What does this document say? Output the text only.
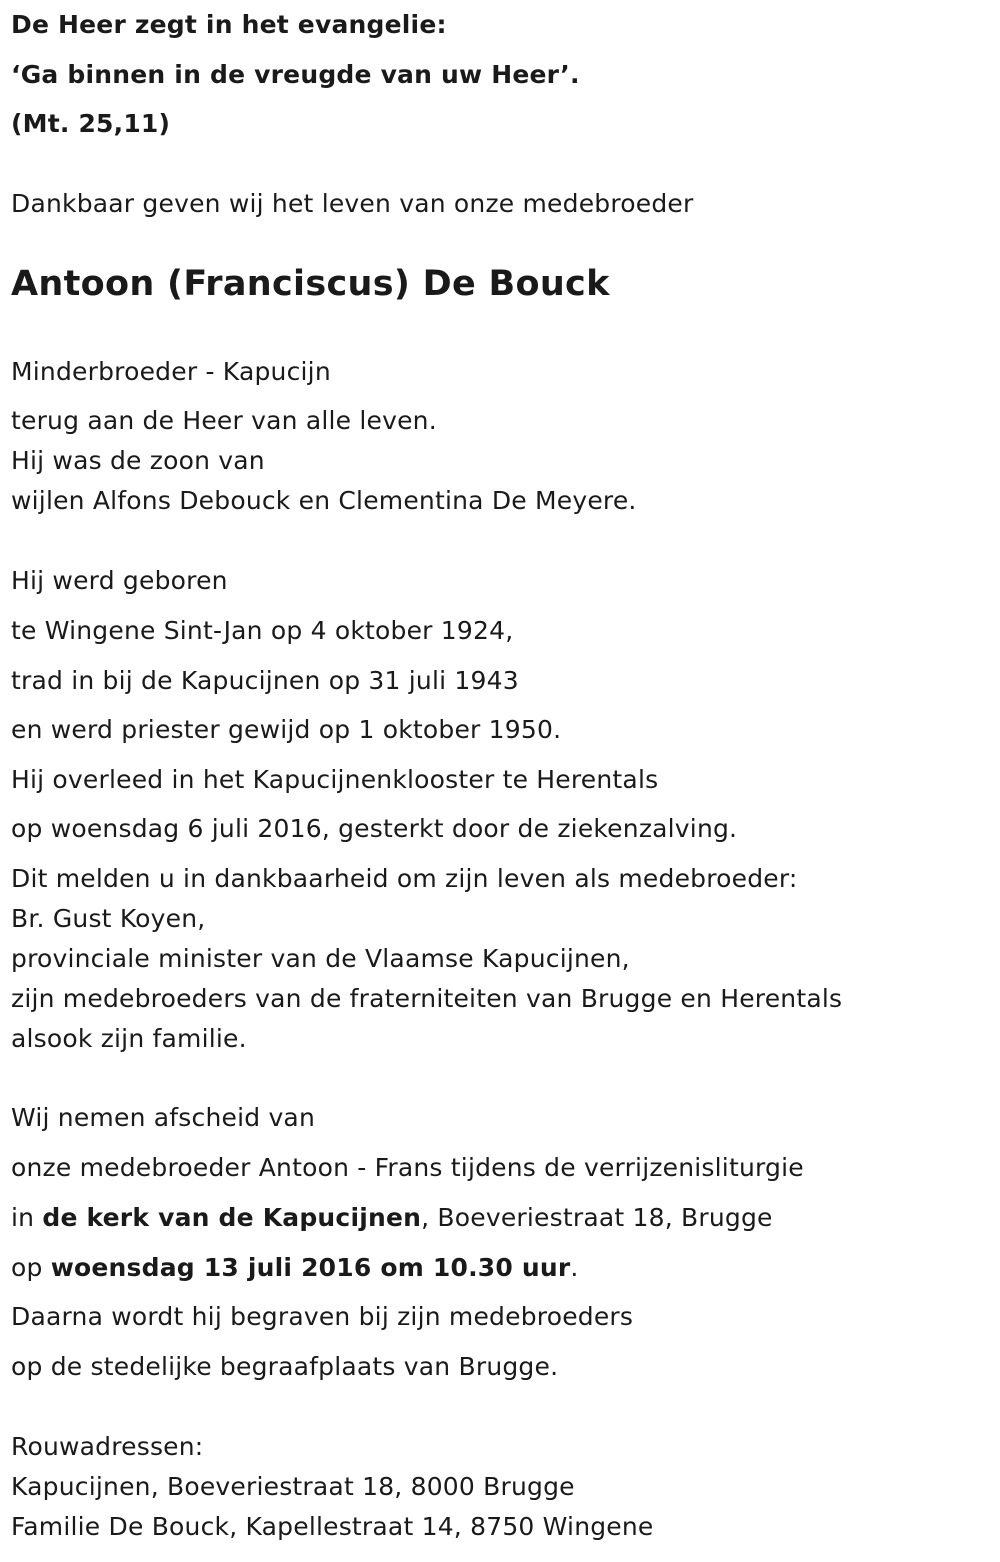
De Heer zegt in het evangelie:
‘Ga binnen in de vreugde van uw Heer’.
(Mt. 25,11)
Dankbaar geven wij het leven van onze medebroeder
Antoon (Franciscus) De Bouck
Minderbroeder - Kapucijn
terug aan de Heer van alle leven.
Hij was de zoon van
wijlen Alfons Debouck en Clementina De Meyere.
Hij werd geboren
te Wingene Sint-Jan op 4 oktober 1924,
trad in bij de Kapucijnen op 31 juli 1943
en werd priester gewijd op 1 oktober 1950.
Hij overleed in het Kapucijnenklooster te Herentals
op woensdag 6 juli 2016, gesterkt door de ziekenzalving.
Dit melden u in dankbaarheid om zijn leven als medebroeder:
Br. Gust Koyen,
provinciale minister van de Vlaamse Kapucijnen,
zijn medebroeders van de fraterniteiten van Brugge en Herentals
alsook zijn familie.
Wij nemen afscheid van
onze medebroeder Antoon - Frans tijdens de verrijzenisliturgie
in de kerk van de Kapucijnen, Boeveriestraat 18, Brugge
op woensdag 13 juli 2016 om 10.30 uur.
Daarna wordt hij begraven bij zijn medebroeders
op de stedelijke begraafplaats van Brugge.
Rouwadressen:
Kapucijnen, Boeveriestraat 18, 8000 Brugge
Familie De Bouck, Kapellestraat 14, 8750 Wingene
